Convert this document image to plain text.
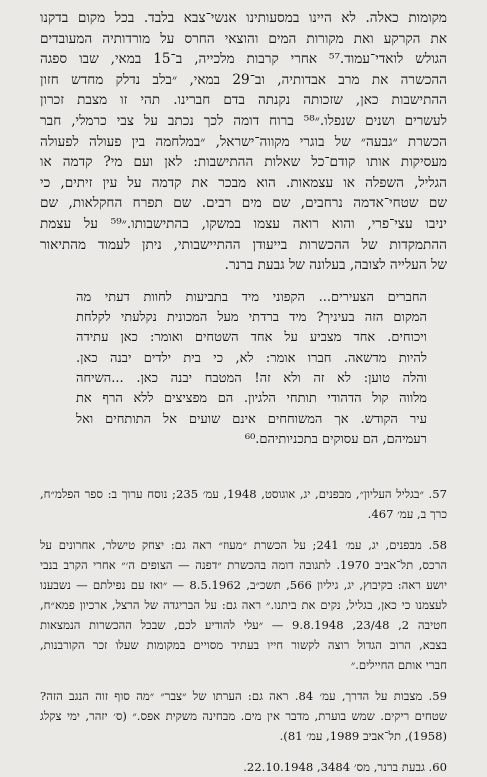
מקומות כאלה. לא היינו במסעותינו אנשי־צבא בלבד. בכל מקום בדקנו
את הקרקע ואת מקורות המים והוצאי החרס על מורדותיה המעובדים
הגולש לואדי־עמוד.⁵⁷ אחרי קרבות מלכייה, ב־15 במאי, שבו ספגה
ההכשרה את מרב אבדותיה, וב־29 במאי, ״בלב נדלק מחדש חזון
ההתישבות כאן, שזכותה נקנתה בדם חברינו. תהי זו מצבת זכרון
לעשרים ושנים שנפלו.״⁵⁸ ברוח דומה לכך נכתב על צבי כרמלי, חבר
הכשרת ״גבעה״ של בוגרי מקווה־ישראל, ״במלחמה בין פעולה לפעולה
מעסיקות אותו קודם־כל שאלות ההתישבות: לאן ועם מי? קדמה או
הגליל, השפלה או עצמאות. הוא מבכר את קדמה על עין זיתים, כי
שם שטחי־אדמה נרחבים, שם מים רבים. שם תפרח החקלאות, שם
יניבו עצי־פרי, והוא רואה עצמו במשקו, בהתישבותו.״⁵⁹ על עצמת
ההתמקדות של ההכשרות בייעודן ההתיישבותי, ניתן לעמוד מהתיאור
של העלייה לצובה, בעלונה של גבעת ברנר.
החברים הצעירים... הקפוני מיד בתביעות לחוות דעתי מה
המקום הזה בעיניך? מיד ברדתי מעל המכונית נקלעתי לקלחת
ויכוחים. אחד מצביע על אחד השטחים ואומר: כאן עתידה
להיות מדשאה. חברו אומר: לא, כי בית ילדים יבנה כאן.
והלה טוען: לא זה ולא זה! המטבח יבנה כאן. ...השיחה
מלווה קול הדהודי תותחי הלגיון. הם מפציצים ללא הרף את
עיר הקודש. אך המשוחחים אינם שועים אל התותחים ואל
רעמיהם, הם עסוקים בתכניותיהם.⁶⁰
57. ״בגליל העליון״, מבפנים, יג, אוגוסט, 1948, עמ׳ 235; נוסח ערוך ב: ספר הפלמ״ח,
כרך ב, עמ׳ 467.
58. מבפנים, יג, עמ׳ 241; על הכשרת ״מעוז״ ראה גם: יצחק טישלר, אחרונים על
הרכס, תל־אביב 1970. לתגובה דומה בהכשרת ״דפנה — הצופים ה׳״ אחרי הקרב בנבי
יושע ראה: בקיבוץ, יג, גיליון 566, תשכ״ב, 8.5.1962 — ״ואז עם נפילתם — נשבענו
לעצמנו כי כאן, בגליל, נקים את ביתנו.״ ראה גם: על הבריגדה של הרצל, ארכיון פמא״ח,
חטיבה 2, 23/48, 9.8.1948 — ״עלי להודיע לכם, שבכל ההכשרות הנמצאות
בצבא, הרוב הגדול רוצה לקשור חייו בעתיד מסויים במקומות שעלו זכר הקורבנות,
חברי אותם החיילים.״
59. מצבות על הדרך, עמ׳ 84. ראה גם: הערתו של ״צבר״ ״מה סוף זוה הנגב הזה?
שטחים ריקים. שמש בוערת, מדבר אין מים. מבחינה משקית אפס.״ (ס׳ יזהר, ימי צקלג
(1958), תל־אביב 1989, עמ׳ 81).
60. גבעת ברנר, מס׳ 3484, 22.10.1948.
